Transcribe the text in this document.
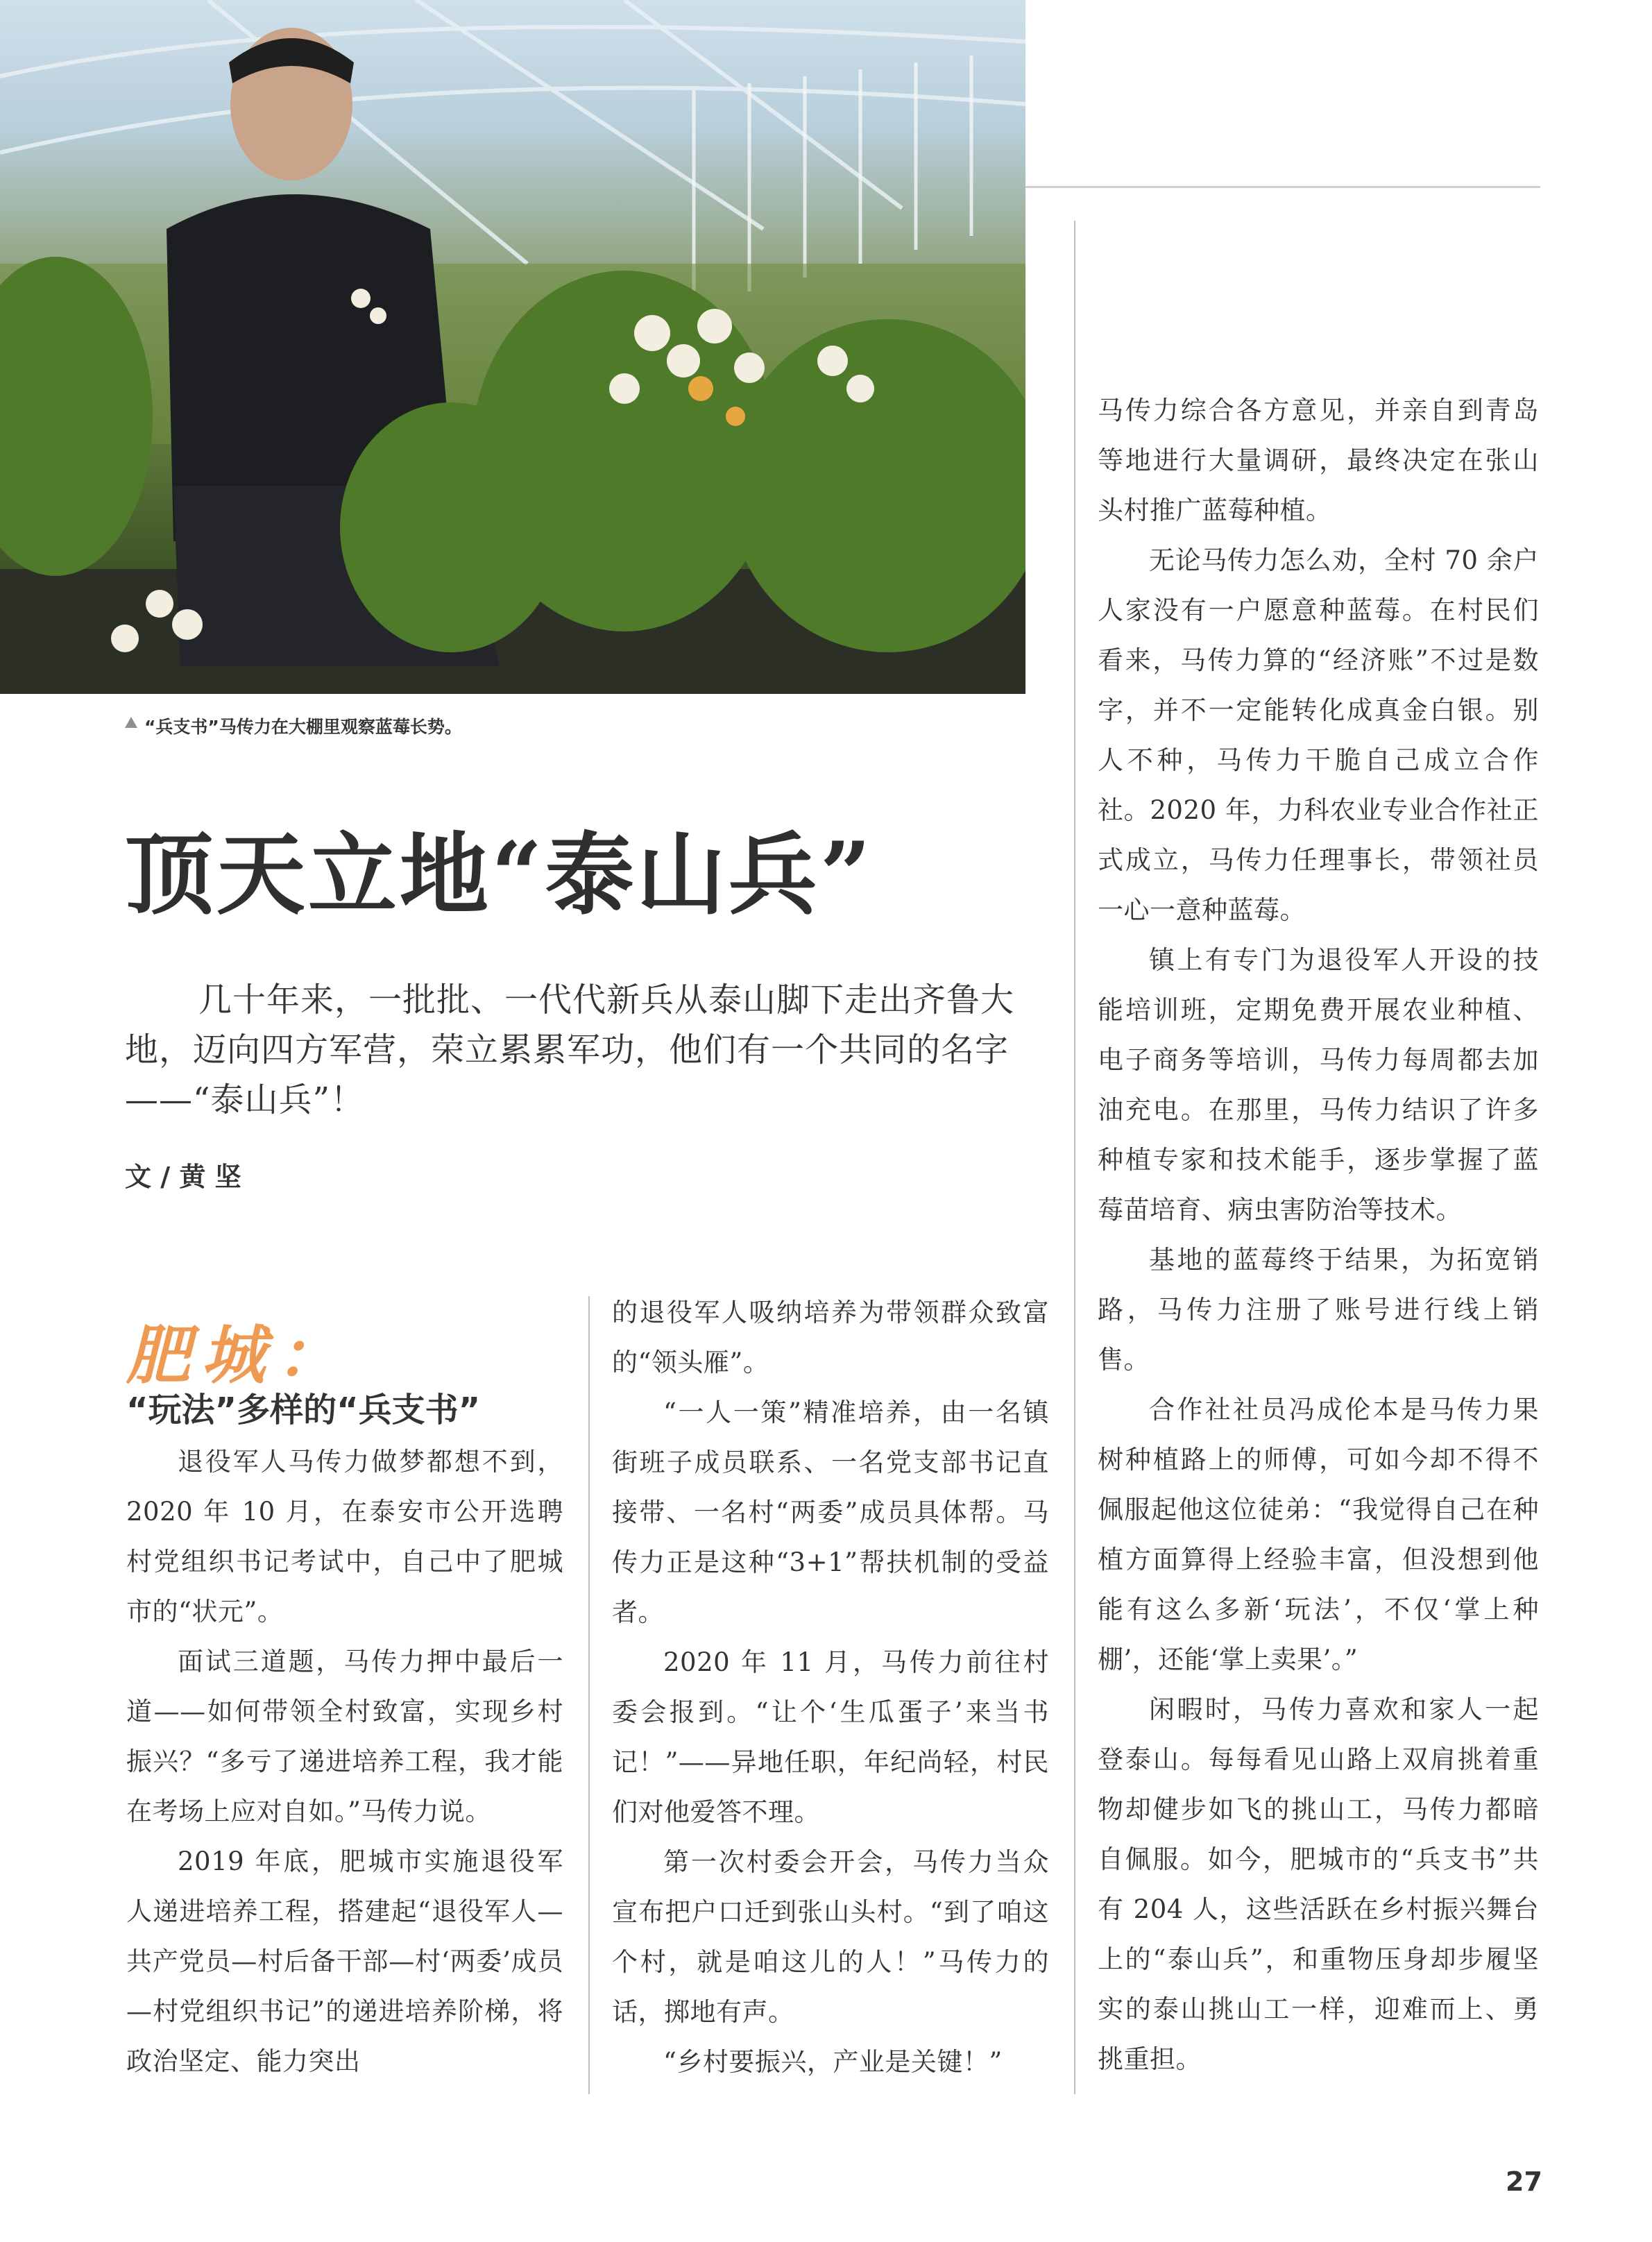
“兵支书”马传力在大棚里观察蓝莓长势。
顶天立地“泰山兵”
几十年来，一批批、一代代新兵从泰山脚下走出齐鲁大地，迈向四方军营，荣立累累军功，他们有一个共同的名字——“泰山兵”！
文 / 黄 坚
肥城：
“玩法”多样的“兵支书”

退役军人马传力做梦都想不到，2020 年 10 月，在泰安市公开选聘村党组织书记考试中，自己中了肥城市的“状元”。

面试三道题，马传力押中最后一道——如何带领全村致富，实现乡村振兴？“多亏了递进培养工程，我才能在考场上应对自如。”马传力说。

2019 年底，肥城市实施退役军人递进培养工程，搭建起“退役军人—共产党员—村后备干部—村‘两委’成员—村党组织书记”的递进培养阶梯，将政治坚定、能力突出

的退役军人吸纳培养为带领群众致富的“领头雁”。

“一人一策”精准培养，由一名镇街班子成员联系、一名党支部书记直接带、一名村“两委”成员具体帮。马传力正是这种“3+1”帮扶机制的受益者。

2020 年 11 月，马传力前往村委会报到。“让个‘生瓜蛋子’来当书记！”——异地任职，年纪尚轻，村民们对他爱答不理。

第一次村委会开会，马传力当众宣布把户口迁到张山头村。“到了咱这个村，就是咱这儿的人！”马传力的话，掷地有声。

“乡村要振兴，产业是关键！”

马传力综合各方意见，并亲自到青岛等地进行大量调研，最终决定在张山头村推广蓝莓种植。

无论马传力怎么劝，全村 70 余户人家没有一户愿意种蓝莓。在村民们看来，马传力算的“经济账”不过是数字，并不一定能转化成真金白银。别人不种，马传力干脆自己成立合作社。2020 年，力科农业专业合作社正式成立，马传力任理事长，带领社员一心一意种蓝莓。

镇上有专门为退役军人开设的技能培训班，定期免费开展农业种植、电子商务等培训，马传力每周都去加油充电。在那里，马传力结识了许多种植专家和技术能手，逐步掌握了蓝莓苗培育、病虫害防治等技术。

基地的蓝莓终于结果，为拓宽销路，马传力注册了账号进行线上销售。

合作社社员冯成伦本是马传力果树种植路上的师傅，可如今却不得不佩服起他这位徒弟：“我觉得自己在种植方面算得上经验丰富，但没想到他能有这么多新‘玩法’，不仅‘掌上种棚’，还能‘掌上卖果’。”

闲暇时，马传力喜欢和家人一起登泰山。每每看见山路上双肩挑着重物却健步如飞的挑山工，马传力都暗自佩服。如今，肥城市的“兵支书”共有 204 人，这些活跃在乡村振兴舞台上的“泰山兵”，和重物压身却步履坚实的泰山挑山工一样，迎难而上、勇挑重担。

27
